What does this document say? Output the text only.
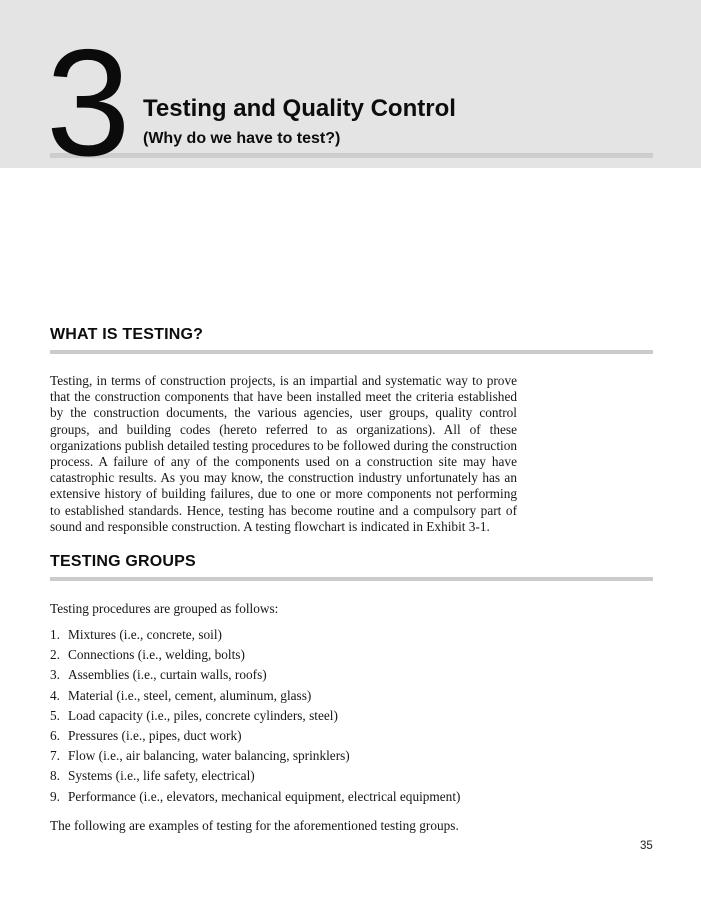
3 Testing and Quality Control
(Why do we have to test?)
WHAT IS TESTING?

Testing, in terms of construction projects, is an impartial and systematic way to prove that the construction components that have been installed meet the criteria established by the construction documents, the various agencies, user groups, quality control groups, and building codes (hereto referred to as organizations). All of these organizations publish detailed testing procedures to be followed during the construction process. A failure of any of the components used on a construction site may have catastrophic results. As you may know, the construction industry unfortunately has an extensive history of building failures, due to one or more components not performing to established standards. Hence, testing has become routine and a compulsory part of sound and responsible construction. A testing flowchart is indicated in Exhibit 3-1.

TESTING GROUPS

Testing procedures are grouped as follows:

1. Mixtures (i.e., concrete, soil)
2. Connections (i.e., welding, bolts)
3. Assemblies (i.e., curtain walls, roofs)
4. Material (i.e., steel, cement, aluminum, glass)
5. Load capacity (i.e., piles, concrete cylinders, steel)
6. Pressures (i.e., pipes, duct work)
7. Flow (i.e., air balancing, water balancing, sprinklers)
8. Systems (i.e., life safety, electrical)
9. Performance (i.e., elevators, mechanical equipment, electrical equipment)

The following are examples of testing for the aforementioned testing groups.

35
